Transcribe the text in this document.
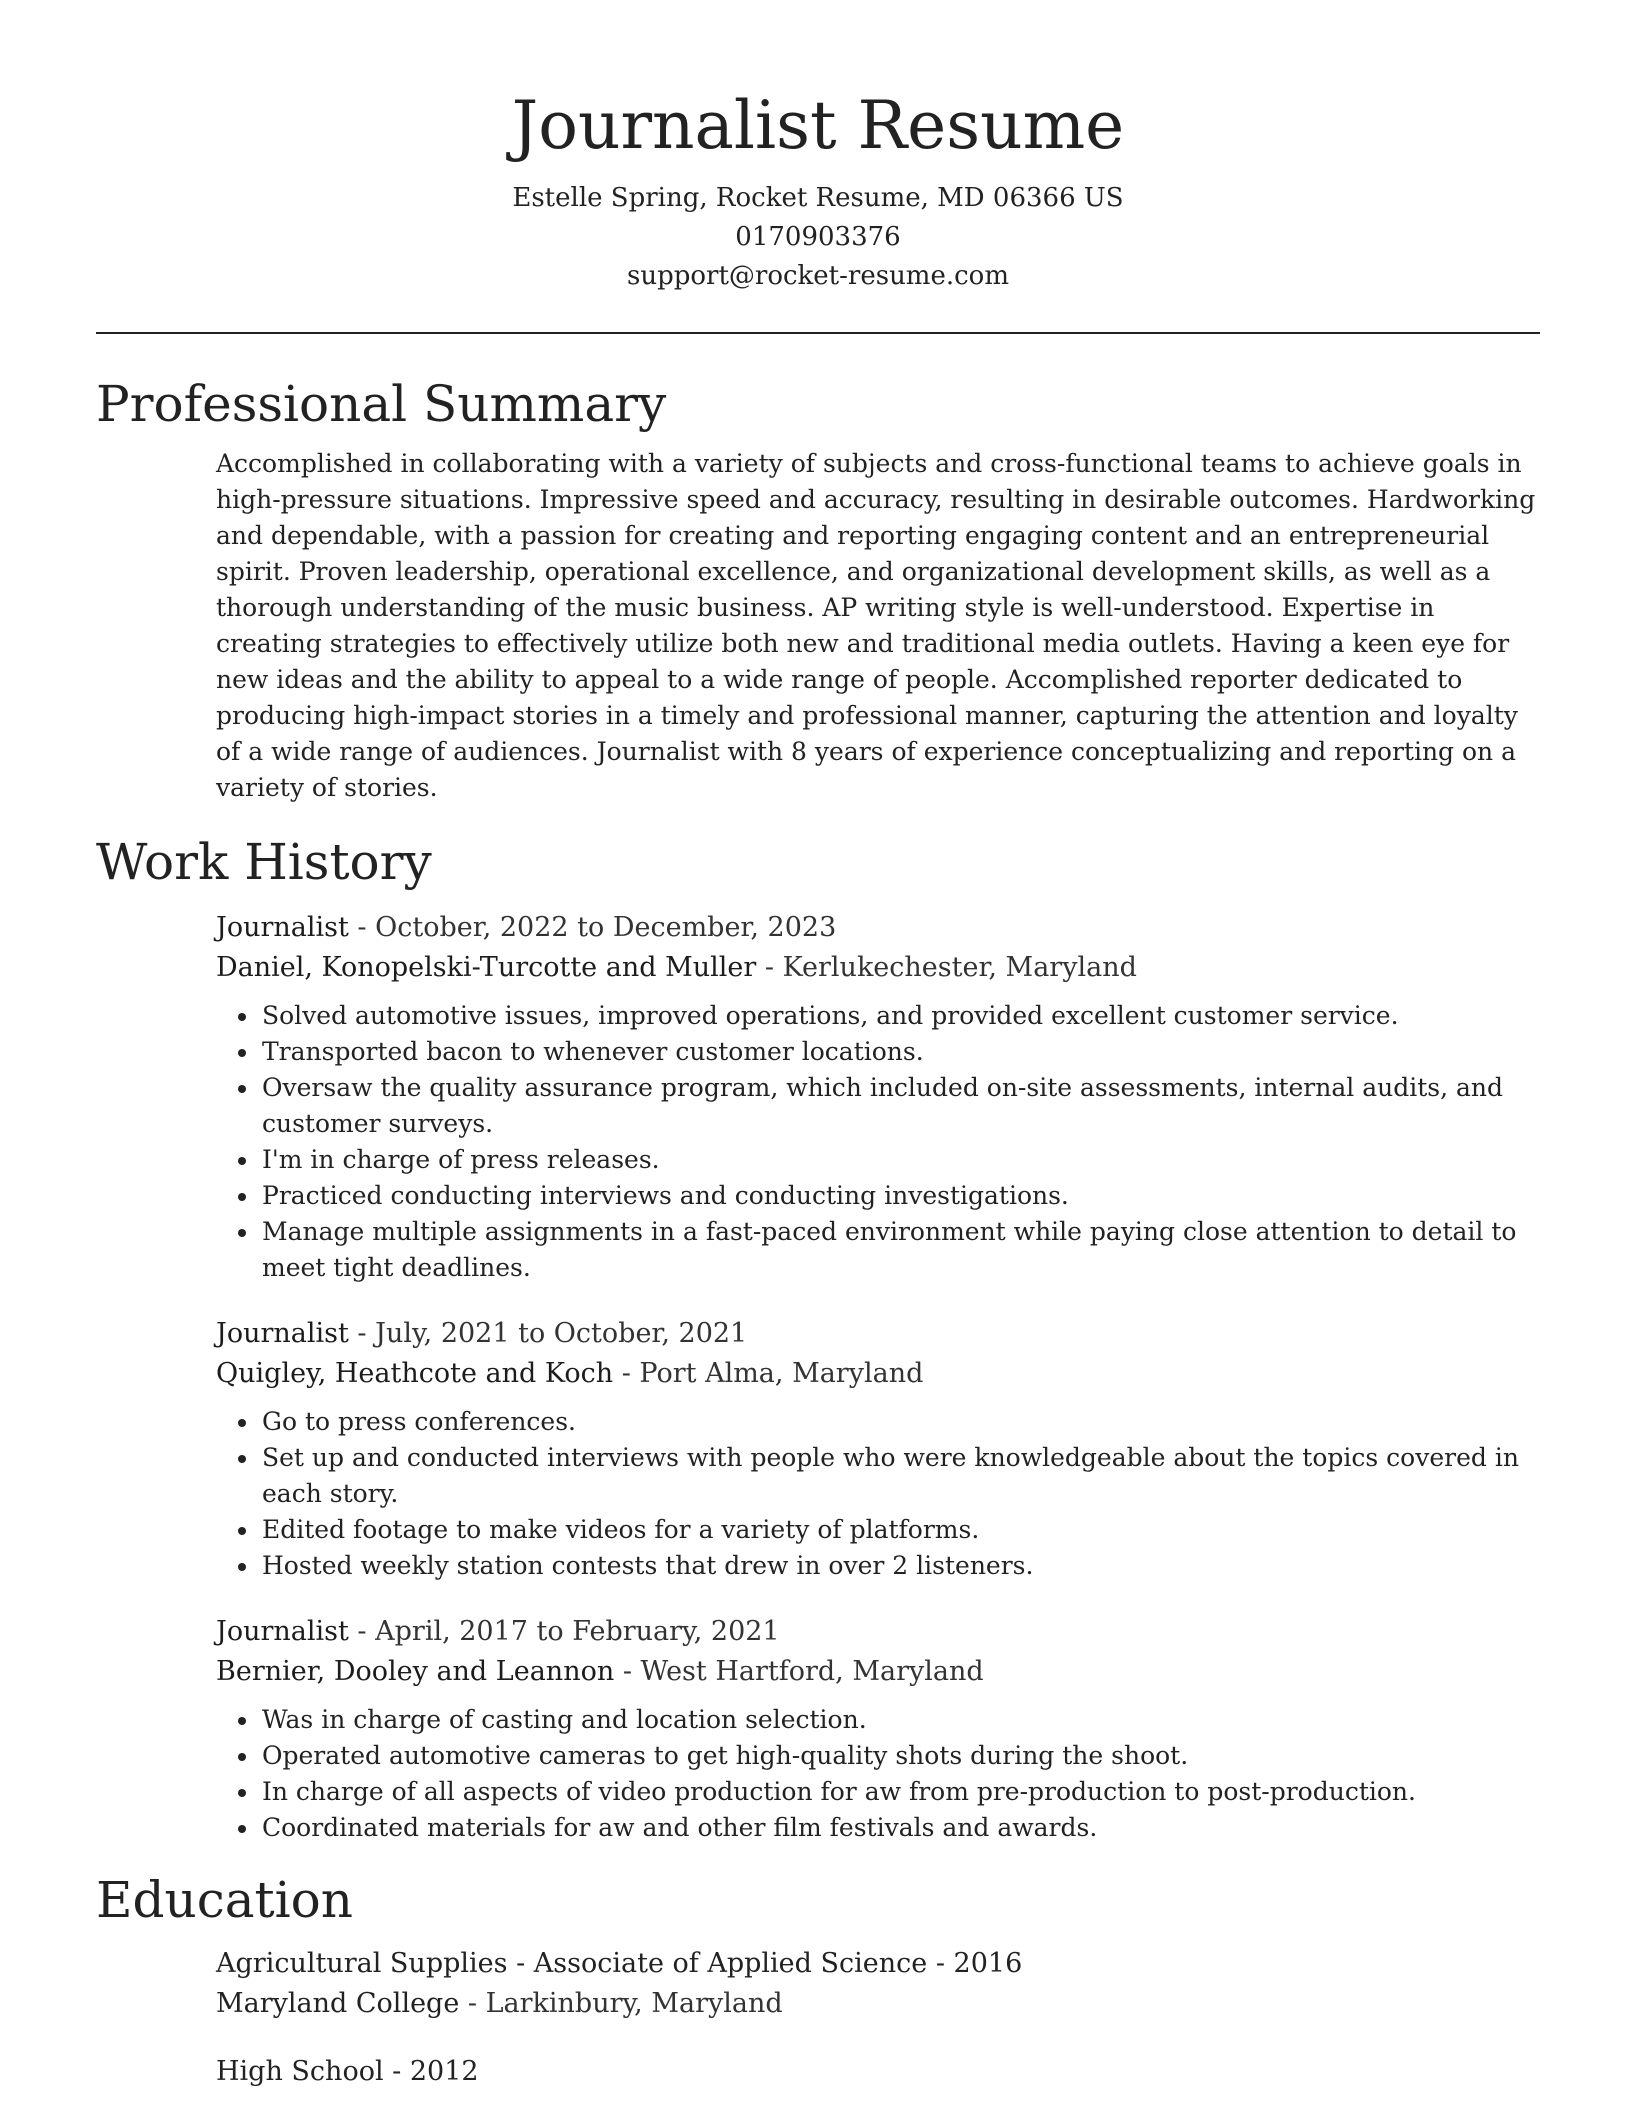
Journalist Resume
Estelle Spring, Rocket Resume, MD 06366 US
0170903376
support@rocket-resume.com
Professional Summary
Accomplished in collaborating with a variety of subjects and cross-functional teams to achieve goals in high-pressure situations. Impressive speed and accuracy, resulting in desirable outcomes. Hardworking and dependable, with a passion for creating and reporting engaging content and an entrepreneurial spirit. Proven leadership, operational excellence, and organizational development skills, as well as a thorough understanding of the music business. AP writing style is well-understood. Expertise in creating strategies to effectively utilize both new and traditional media outlets. Having a keen eye for new ideas and the ability to appeal to a wide range of people. Accomplished reporter dedicated to producing high-impact stories in a timely and professional manner, capturing the attention and loyalty of a wide range of audiences. Journalist with 8 years of experience conceptualizing and reporting on a variety of stories.
Work History
Journalist - October, 2022 to December, 2023
Daniel, Konopelski-Turcotte and Muller - Kerlukechester, Maryland
• Solved automotive issues, improved operations, and provided excellent customer service.
• Transported bacon to whenever customer locations.
• Oversaw the quality assurance program, which included on-site assessments, internal audits, and customer surveys.
• I'm in charge of press releases.
• Practiced conducting interviews and conducting investigations.
• Manage multiple assignments in a fast-paced environment while paying close attention to detail to meet tight deadlines.
Journalist - July, 2021 to October, 2021
Quigley, Heathcote and Koch - Port Alma, Maryland
• Go to press conferences.
• Set up and conducted interviews with people who were knowledgeable about the topics covered in each story.
• Edited footage to make videos for a variety of platforms.
• Hosted weekly station contests that drew in over 2 listeners.
Journalist - April, 2017 to February, 2021
Bernier, Dooley and Leannon - West Hartford, Maryland
• Was in charge of casting and location selection.
• Operated automotive cameras to get high-quality shots during the shoot.
• In charge of all aspects of video production for aw from pre-production to post-production.
• Coordinated materials for aw and other film festivals and awards.
Education
Agricultural Supplies - Associate of Applied Science - 2016
Maryland College - Larkinbury, Maryland
High School - 2012
